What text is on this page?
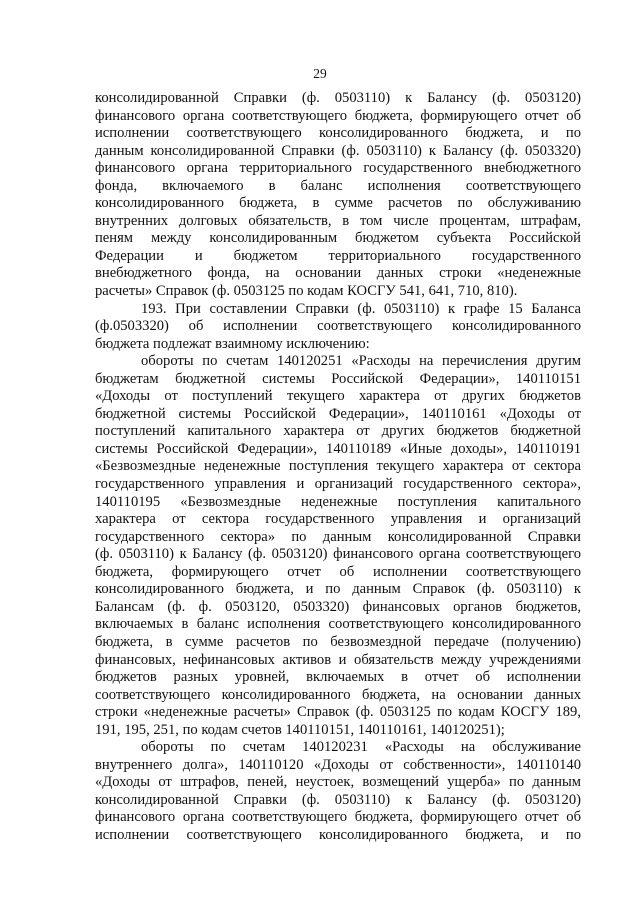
29
консолидированной Справки (ф. 0503110) к Балансу (ф. 0503120)
финансового органа соответствующего бюджета, формирующего отчет об
исполнении соответствующего консолидированного бюджета, и по
данным консолидированной Справки (ф. 0503110) к Балансу (ф. 0503320)
финансового органа территориального государственного внебюджетного
фонда, включаемого в баланс исполнения соответствующего
консолидированного бюджета, в сумме расчетов по обслуживанию
внутренних долговых обязательств, в том числе процентам, штрафам,
пеням между консолидированным бюджетом субъекта Российской
Федерации и бюджетом территориального государственного
внебюджетного фонда, на основании данных строки «неденежные
расчеты» Справок (ф. 0503125 по кодам КОСГУ 541, 641, 710, 810).
193. При составлении Справки (ф. 0503110) к графе 15 Баланса
(ф.0503320) об исполнении соответствующего консолидированного
бюджета подлежат взаимному исключению:
обороты по счетам 140120251 «Расходы на перечисления другим
бюджетам бюджетной системы Российской Федерации», 140110151
«Доходы от поступлений текущего характера от других бюджетов
бюджетной системы Российской Федерации», 140110161 «Доходы от
поступлений капитального характера от других бюджетов бюджетной
системы Российской Федерации», 140110189 «Иные доходы», 140110191
«Безвозмездные неденежные поступления текущего характера от сектора
государственного управления и организаций государственного сектора»,
140110195 «Безвозмездные неденежные поступления капитального
характера от сектора государственного управления и организаций
государственного сектора» по данным консолидированной Справки
(ф. 0503110) к Балансу (ф. 0503120) финансового органа соответствующего
бюджета, формирующего отчет об исполнении соответствующего
консолидированного бюджета, и по данным Справок (ф. 0503110) к
Балансам (ф. ф. 0503120, 0503320) финансовых органов бюджетов,
включаемых в баланс исполнения соответствующего консолидированного
бюджета, в сумме расчетов по безвозмездной передаче (получению)
финансовых, нефинансовых активов и обязательств между учреждениями
бюджетов разных уровней, включаемых в отчет об исполнении
соответствующего консолидированного бюджета, на основании данных
строки «неденежные расчеты» Справок (ф. 0503125 по кодам КОСГУ 189,
191, 195, 251, по кодам счетов 140110151, 140110161, 140120251);
обороты по счетам 140120231 «Расходы на обслуживание
внутреннего долга», 140110120 «Доходы от собственности», 140110140
«Доходы от штрафов, пеней, неустоек, возмещений ущерба» по данным
консолидированной Справки (ф. 0503110) к Балансу (ф. 0503120)
финансового органа соответствующего бюджета, формирующего отчет об
исполнении соответствующего консолидированного бюджета, и по
